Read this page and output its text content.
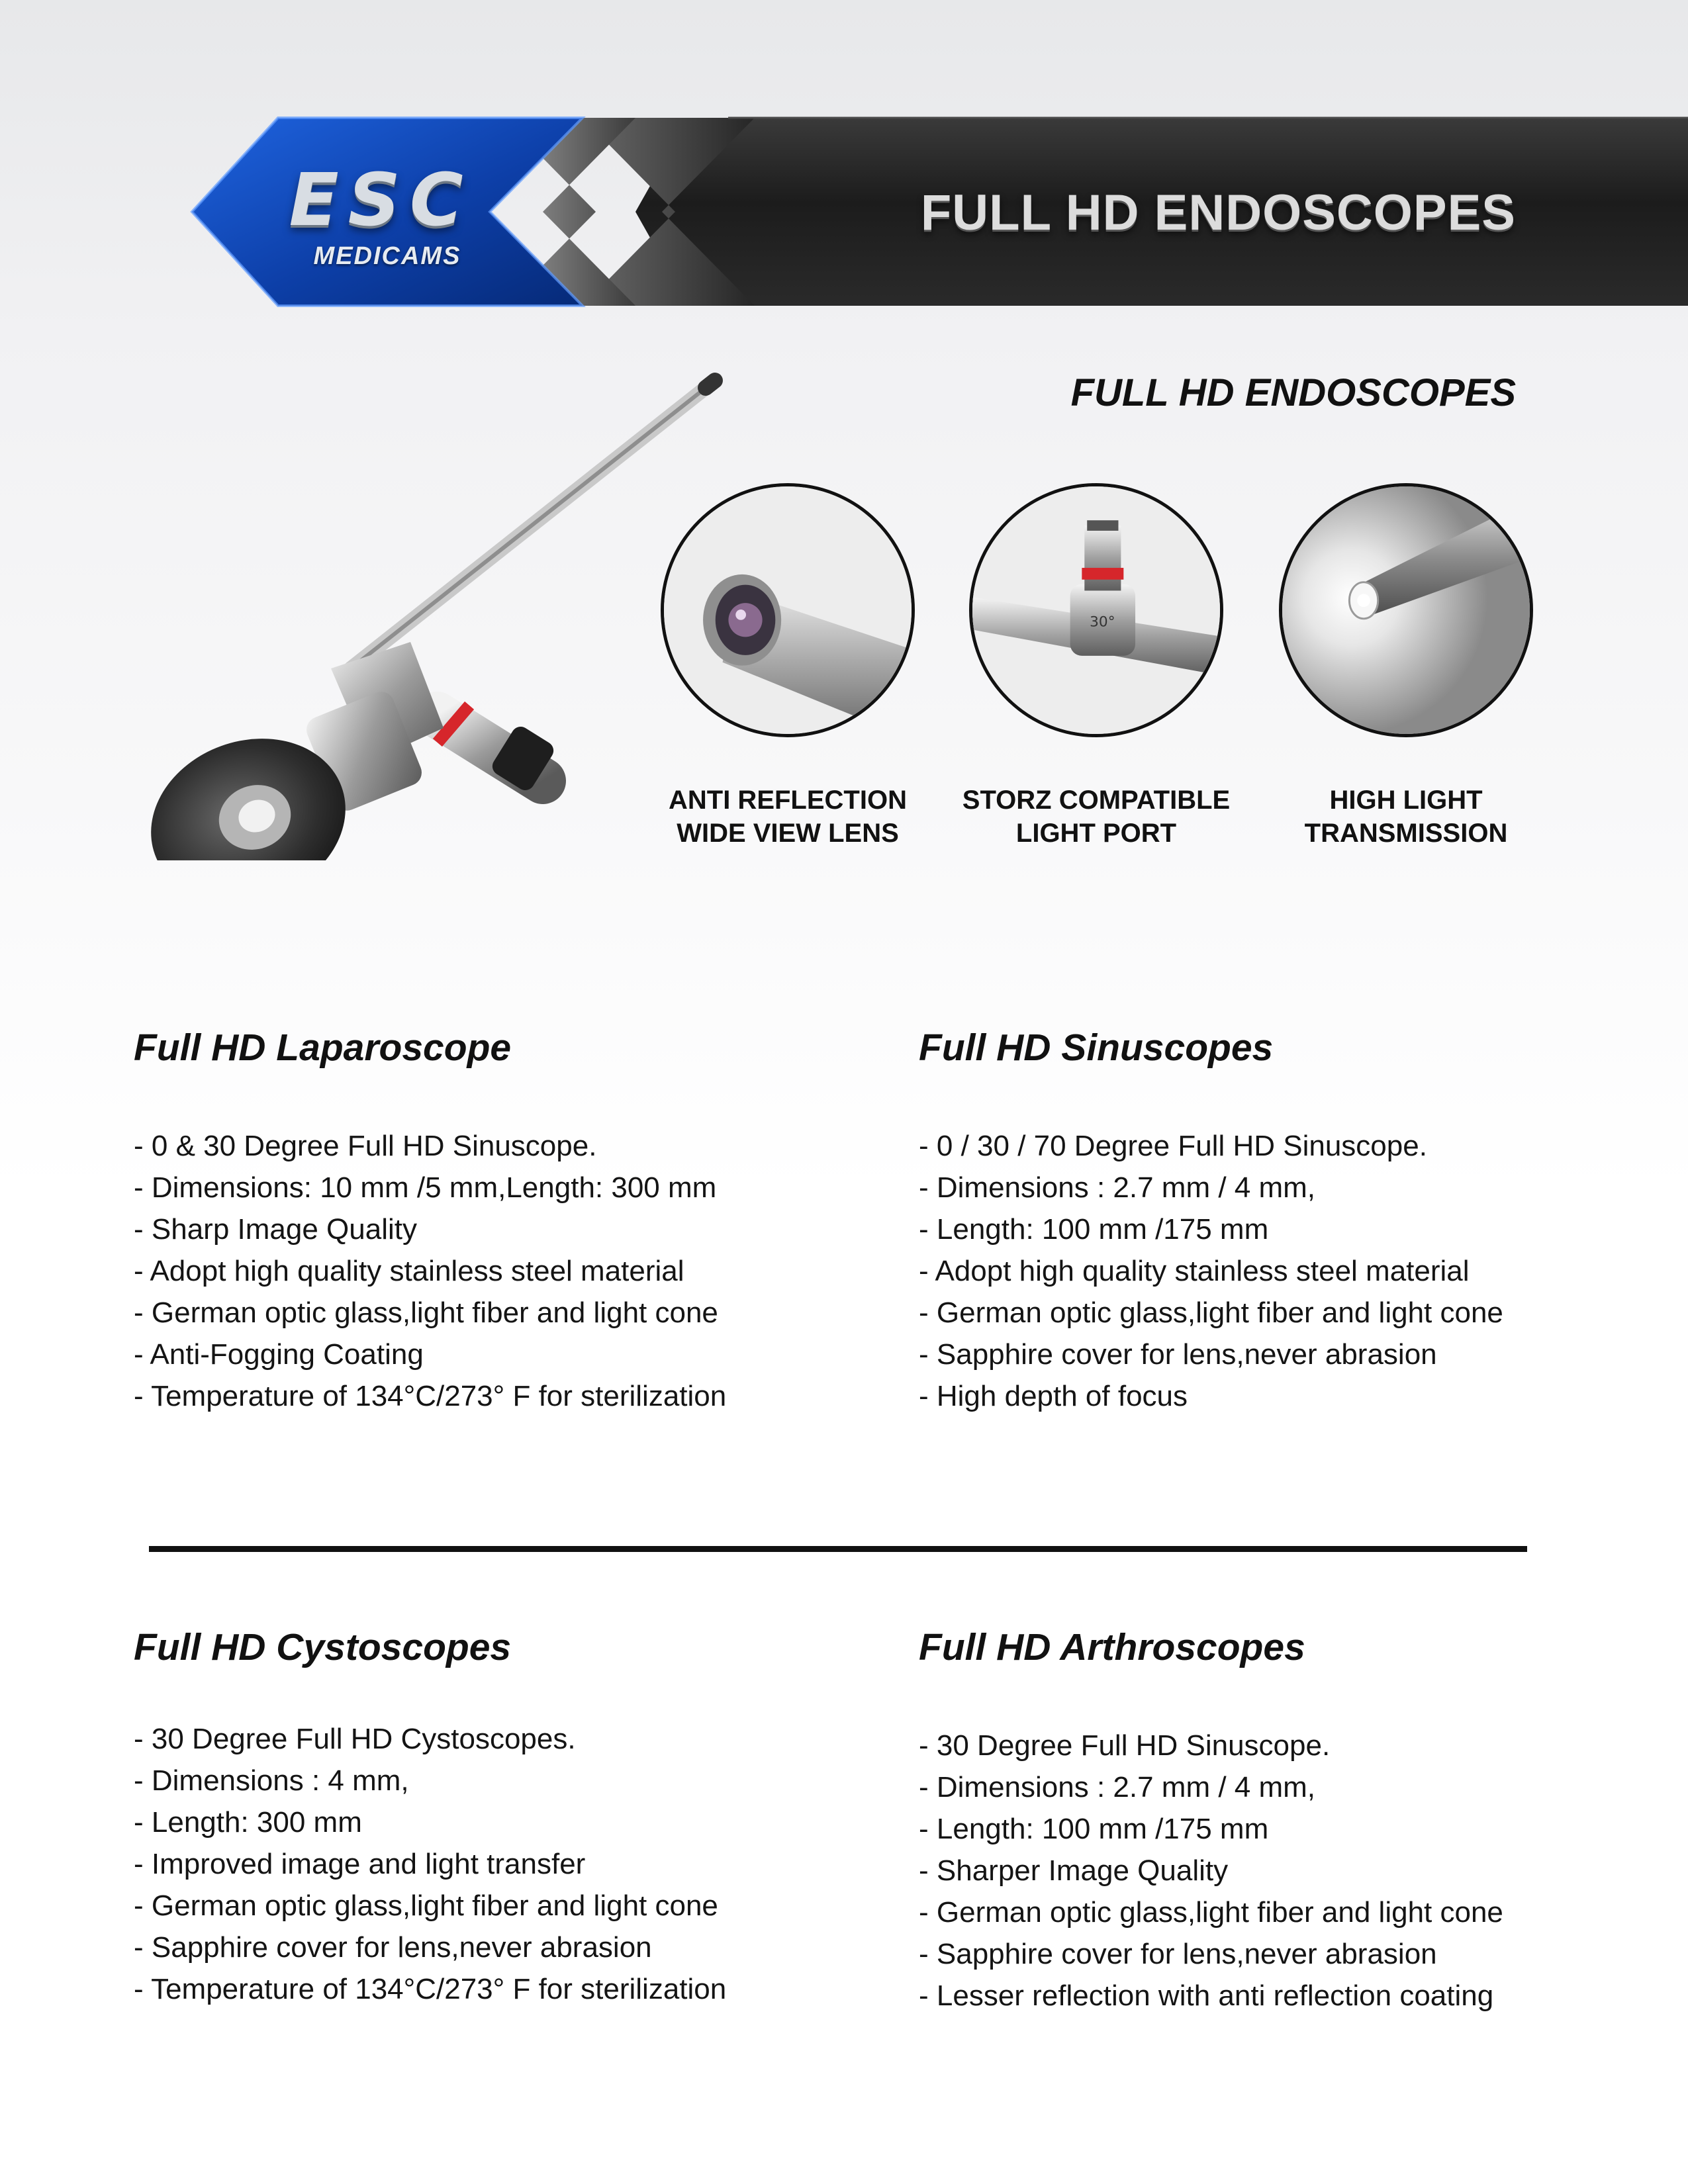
ESC
MEDICAMS
FULL HD ENDOSCOPES
FULL HD ENDOSCOPES
ANTI REFLECTION
WIDE VIEW LENS
30°
STORZ COMPATIBLE
LIGHT PORT
HIGH LIGHT
TRANSMISSION
Full HD Laparoscope
- 0 & 30 Degree Full HD Sinuscope.
- Dimensions: 10 mm /5 mm,Length: 300 mm
- Sharp Image Quality
- Adopt high quality stainless steel material
- German optic glass,light fiber and light cone
- Anti-Fogging Coating
- Temperature of 134°C/273° F for sterilization
Full HD Sinuscopes
- 0 / 30 / 70 Degree Full HD Sinuscope.
- Dimensions : 2.7 mm / 4 mm,
- Length: 100 mm /175 mm
- Adopt high quality stainless steel material
- German optic glass,light fiber and light cone
- Sapphire cover for lens,never abrasion
- High depth of focus
Full HD Cystoscopes
- 30 Degree Full HD Cystoscopes.
- Dimensions : 4 mm,
- Length: 300 mm
- Improved image and light transfer
- German optic glass,light fiber and light cone
- Sapphire cover for lens,never abrasion
- Temperature of 134°C/273° F for sterilization
Full HD Arthroscopes
- 30 Degree Full HD Sinuscope.
- Dimensions : 2.7 mm / 4 mm,
- Length: 100 mm /175 mm
- Sharper Image Quality
- German optic glass,light fiber and light cone
- Sapphire cover for lens,never abrasion
- Lesser reflection with anti reflection coating
